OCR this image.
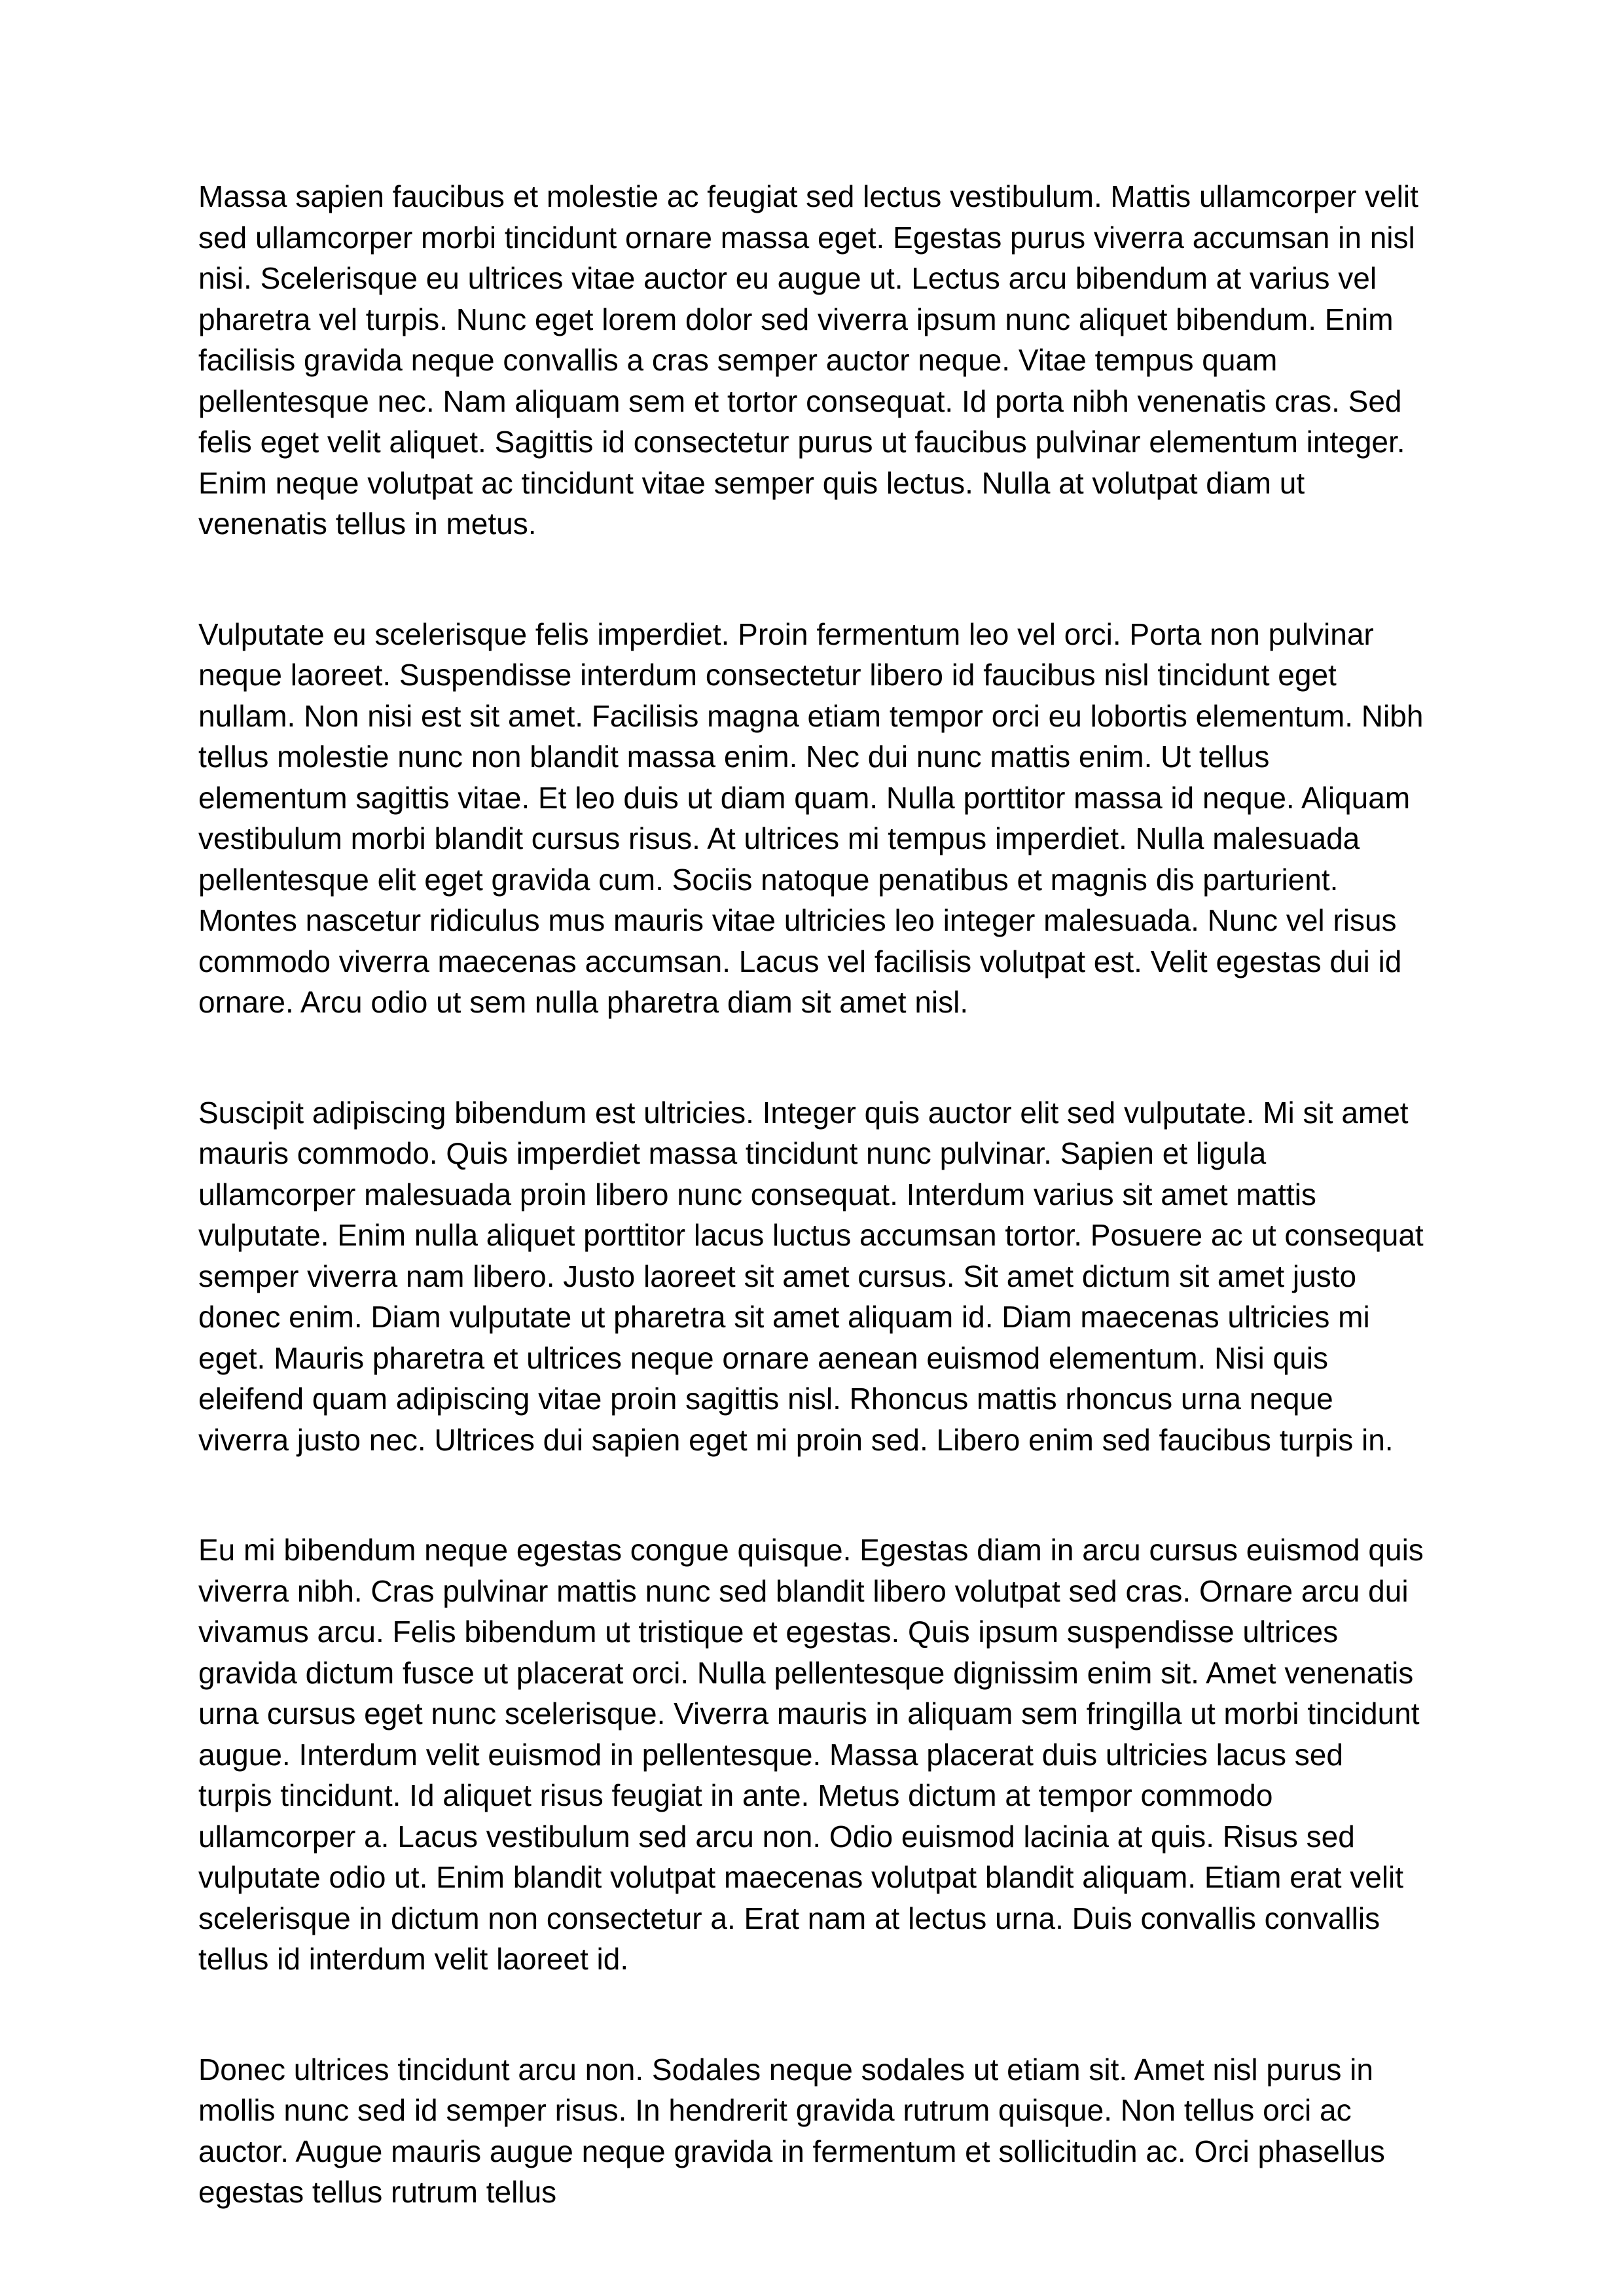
Massa sapien faucibus et molestie ac feugiat sed lectus vestibulum. Mattis ullamcorper velit sed ullamcorper morbi tincidunt ornare massa eget. Egestas purus viverra accumsan in nisl nisi. Scelerisque eu ultrices vitae auctor eu augue ut. Lectus arcu bibendum at varius vel pharetra vel turpis. Nunc eget lorem dolor sed viverra ipsum nunc aliquet bibendum. Enim facilisis gravida neque convallis a cras semper auctor neque. Vitae tempus quam pellentesque nec. Nam aliquam sem et tortor consequat. Id porta nibh venenatis cras. Sed felis eget velit aliquet. Sagittis id consectetur purus ut faucibus pulvinar elementum integer. Enim neque volutpat ac tincidunt vitae semper quis lectus. Nulla at volutpat diam ut venenatis tellus in metus.

Vulputate eu scelerisque felis imperdiet. Proin fermentum leo vel orci. Porta non pulvinar neque laoreet. Suspendisse interdum consectetur libero id faucibus nisl tincidunt eget nullam. Non nisi est sit amet. Facilisis magna etiam tempor orci eu lobortis elementum. Nibh tellus molestie nunc non blandit massa enim. Nec dui nunc mattis enim. Ut tellus elementum sagittis vitae. Et leo duis ut diam quam. Nulla porttitor massa id neque. Aliquam vestibulum morbi blandit cursus risus. At ultrices mi tempus imperdiet. Nulla malesuada pellentesque elit eget gravida cum. Sociis natoque penatibus et magnis dis parturient. Montes nascetur ridiculus mus mauris vitae ultricies leo integer malesuada. Nunc vel risus commodo viverra maecenas accumsan. Lacus vel facilisis volutpat est. Velit egestas dui id ornare. Arcu odio ut sem nulla pharetra diam sit amet nisl.

Suscipit adipiscing bibendum est ultricies. Integer quis auctor elit sed vulputate. Mi sit amet mauris commodo. Quis imperdiet massa tincidunt nunc pulvinar. Sapien et ligula ullamcorper malesuada proin libero nunc consequat. Interdum varius sit amet mattis vulputate. Enim nulla aliquet porttitor lacus luctus accumsan tortor. Posuere ac ut consequat semper viverra nam libero. Justo laoreet sit amet cursus. Sit amet dictum sit amet justo donec enim. Diam vulputate ut pharetra sit amet aliquam id. Diam maecenas ultricies mi eget. Mauris pharetra et ultrices neque ornare aenean euismod elementum. Nisi quis eleifend quam adipiscing vitae proin sagittis nisl. Rhoncus mattis rhoncus urna neque viverra justo nec. Ultrices dui sapien eget mi proin sed. Libero enim sed faucibus turpis in.

Eu mi bibendum neque egestas congue quisque. Egestas diam in arcu cursus euismod quis viverra nibh. Cras pulvinar mattis nunc sed blandit libero volutpat sed cras. Ornare arcu dui vivamus arcu. Felis bibendum ut tristique et egestas. Quis ipsum suspendisse ultrices gravida dictum fusce ut placerat orci. Nulla pellentesque dignissim enim sit. Amet venenatis urna cursus eget nunc scelerisque. Viverra mauris in aliquam sem fringilla ut morbi tincidunt augue. Interdum velit euismod in pellentesque. Massa placerat duis ultricies lacus sed turpis tincidunt. Id aliquet risus feugiat in ante. Metus dictum at tempor commodo ullamcorper a. Lacus vestibulum sed arcu non. Odio euismod lacinia at quis. Risus sed vulputate odio ut. Enim blandit volutpat maecenas volutpat blandit aliquam. Etiam erat velit scelerisque in dictum non consectetur a. Erat nam at lectus urna. Duis convallis convallis tellus id interdum velit laoreet id.

Donec ultrices tincidunt arcu non. Sodales neque sodales ut etiam sit. Amet nisl purus in mollis nunc sed id semper risus. In hendrerit gravida rutrum quisque. Non tellus orci ac auctor. Augue mauris augue neque gravida in fermentum et sollicitudin ac. Orci phasellus egestas tellus rutrum tellus
